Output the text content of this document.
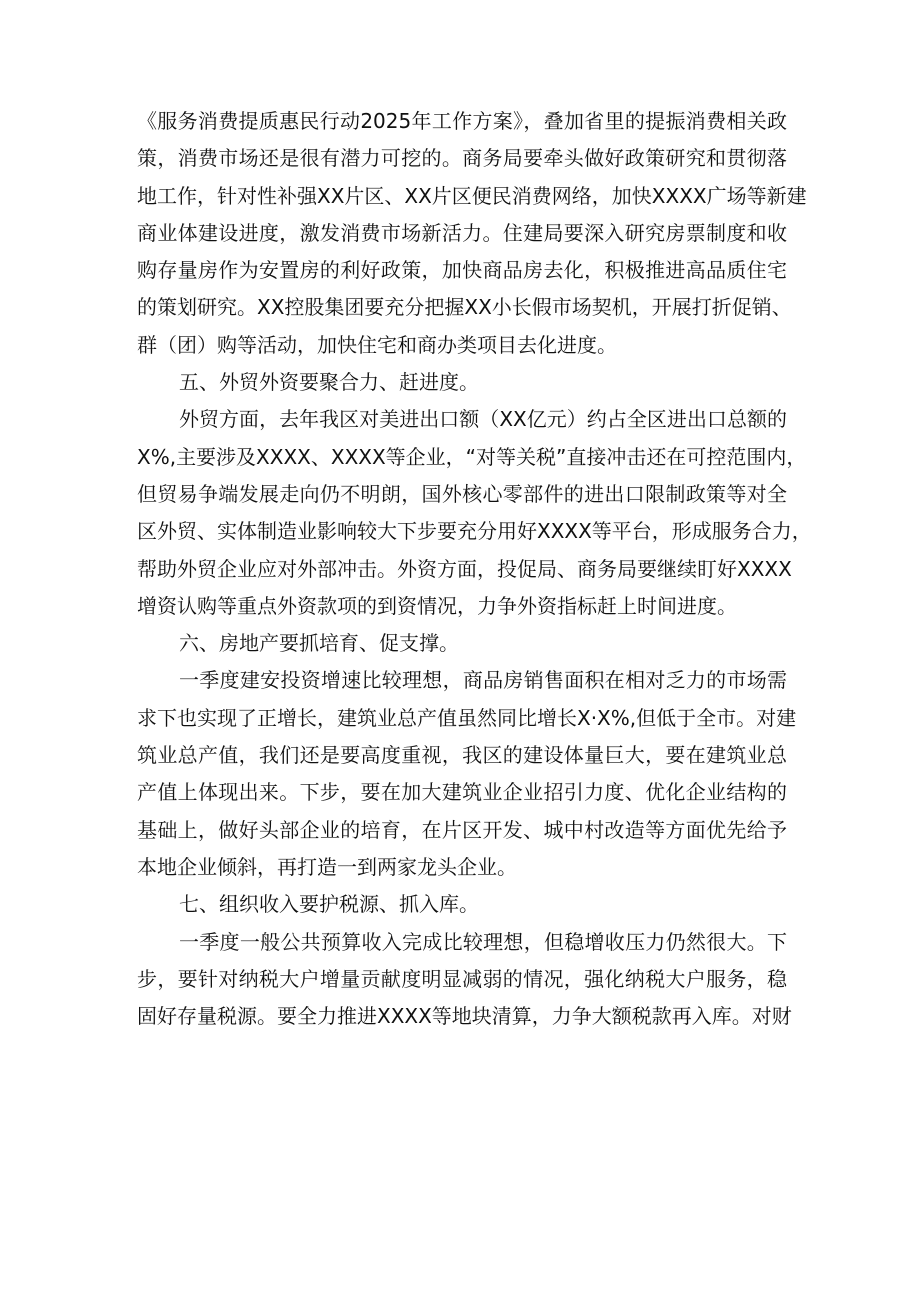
《服务消费提质惠民行动2025年工作方案》，叠加省里的提振消费相关政
策，消费市场还是很有潜力可挖的。商务局要牵头做好政策研究和贯彻落
地工作，针对性补强XX片区、XX片区便民消费网络，加快XXXX广场等新建
商业体建设进度，激发消费市场新活力。住建局要深入研究房票制度和收
购存量房作为安置房的利好政策，加快商品房去化，积极推进高品质住宅
的策划研究。XX控股集团要充分把握XX小长假市场契机，开展打折促销、
群（团）购等活动，加快住宅和商办类项目去化进度。
五、外贸外资要聚合力、赶进度。
外贸方面，去年我区对美进出口额（XX亿元）约占全区进出口总额的
X%,主要涉及XXXX、XXXX等企业，“对等关税”直接冲击还在可控范围内，
但贸易争端发展走向仍不明朗，国外核心零部件的进出口限制政策等对全
区外贸、实体制造业影响较大下步要充分用好XXXX等平台，形成服务合力，
帮助外贸企业应对外部冲击。外资方面，投促局、商务局要继续盯好XXXX
增资认购等重点外资款项的到资情况，力争外资指标赶上时间进度。
六、房地产要抓培育、促支撑。
一季度建安投资增速比较理想，商品房销售面积在相对乏力的市场需
求下也实现了正增长，建筑业总产值虽然同比增长X·X%,但低于全市。对建
筑业总产值，我们还是要高度重视，我区的建设体量巨大，要在建筑业总
产值上体现出来。下步，要在加大建筑业企业招引力度、优化企业结构的
基础上，做好头部企业的培育，在片区开发、城中村改造等方面优先给予
本地企业倾斜，再打造一到两家龙头企业。
七、组织收入要护税源、抓入库。
一季度一般公共预算收入完成比较理想，但稳增收压力仍然很大。下
步，要针对纳税大户增量贡献度明显减弱的情况，强化纳税大户服务，稳
固好存量税源。要全力推进XXXX等地块清算，力争大额税款再入库。对财
